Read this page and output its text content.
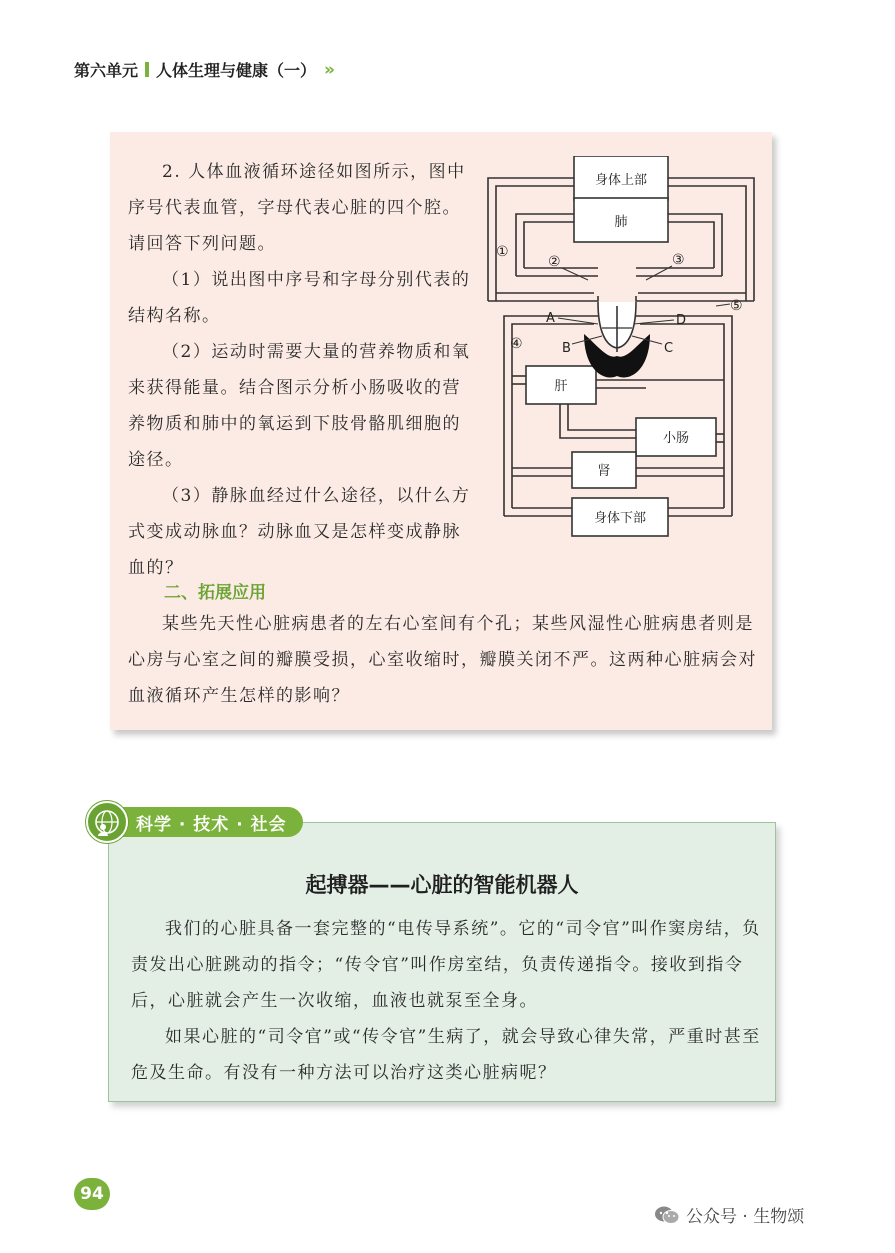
第六单元 人体生理与健康（一） »

2. 人体血液循环途径如图所示，图中序号代表血管，字母代表心脏的四个腔。请回答下列问题。

（1）说出图中序号和字母分别代表的结构名称。

（2）运动时需要大量的营养物质和氧来获得能量。结合图示分析小肠吸收的营养物质和肺中的氧运到下肢骨骼肌细胞的途径。

（3）静脉血经过什么途径，以什么方式变成动脉血？动脉血又是怎样变成静脉血的？

身体上部
肺
肝
小肠
肾
身体下部
①
②	③
④
⑤
A
B	C
D
二、拓展应用

某些先天性心脏病患者的左右心室间有个孔；某些风湿性心脏病患者则是心房与心室之间的瓣膜受损，心室收缩时，瓣膜关闭不严。这两种心脏病会对血液循环产生怎样的影响？

起搏器——心脏的智能机器人

我们的心脏具备一套完整的“电传导系统”。它的“司令官”叫作窦房结，负责发出心脏跳动的指令；“传令官”叫作房室结，负责传递指令。接收到指令后，心脏就会产生一次收缩，血液也就泵至全身。

如果心脏的“司令官”或“传令官”生病了，就会导致心律失常，严重时甚至危及生命。有没有一种方法可以治疗这类心脏病呢？

科学 · 技术 · 社会
94
公众号 · 生物颂
